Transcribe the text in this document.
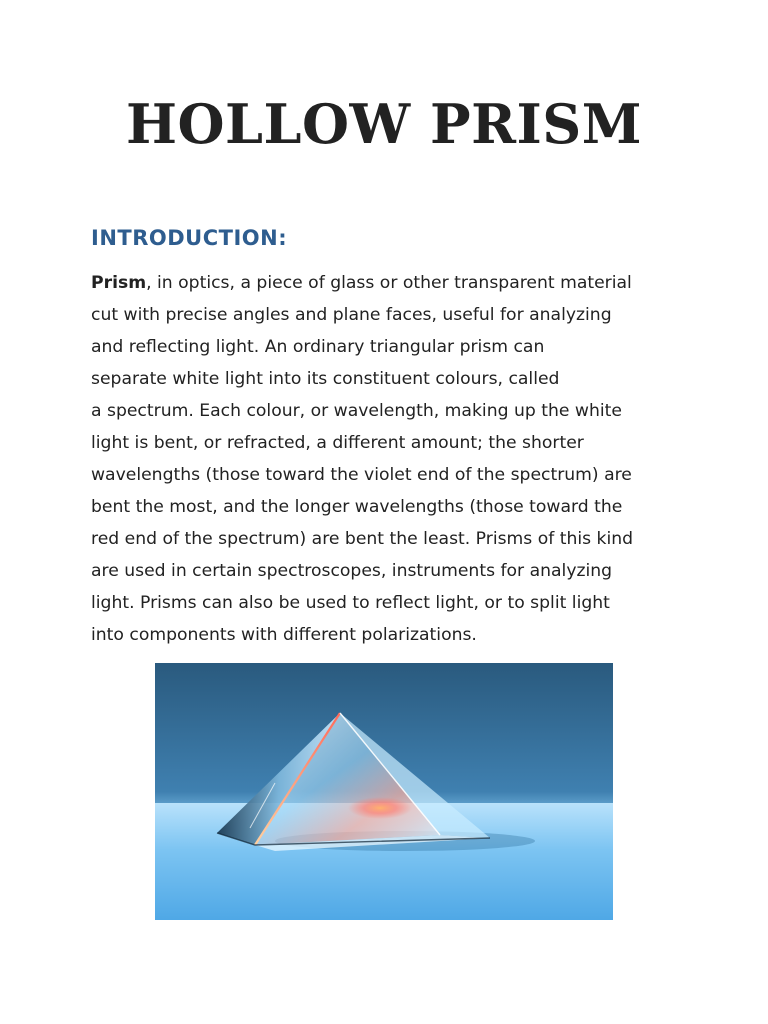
HOLLOW PRISM
INTRODUCTION:

Prism, in optics, a piece of glass or other transparent material
cut with precise angles and plane faces, useful for analyzing
and reflecting light. An ordinary triangular prism can
separate white light into its constituent colours, called
a spectrum. Each colour, or wavelength, making up the white
light is bent, or refracted, a different amount; the shorter
wavelengths (those toward the violet end of the spectrum) are
bent the most, and the longer wavelengths (those toward the
red end of the spectrum) are bent the least. Prisms of this kind
are used in certain spectroscopes, instruments for analyzing
light. Prisms can also be used to reflect light, or to split light
into components with different polarizations.
